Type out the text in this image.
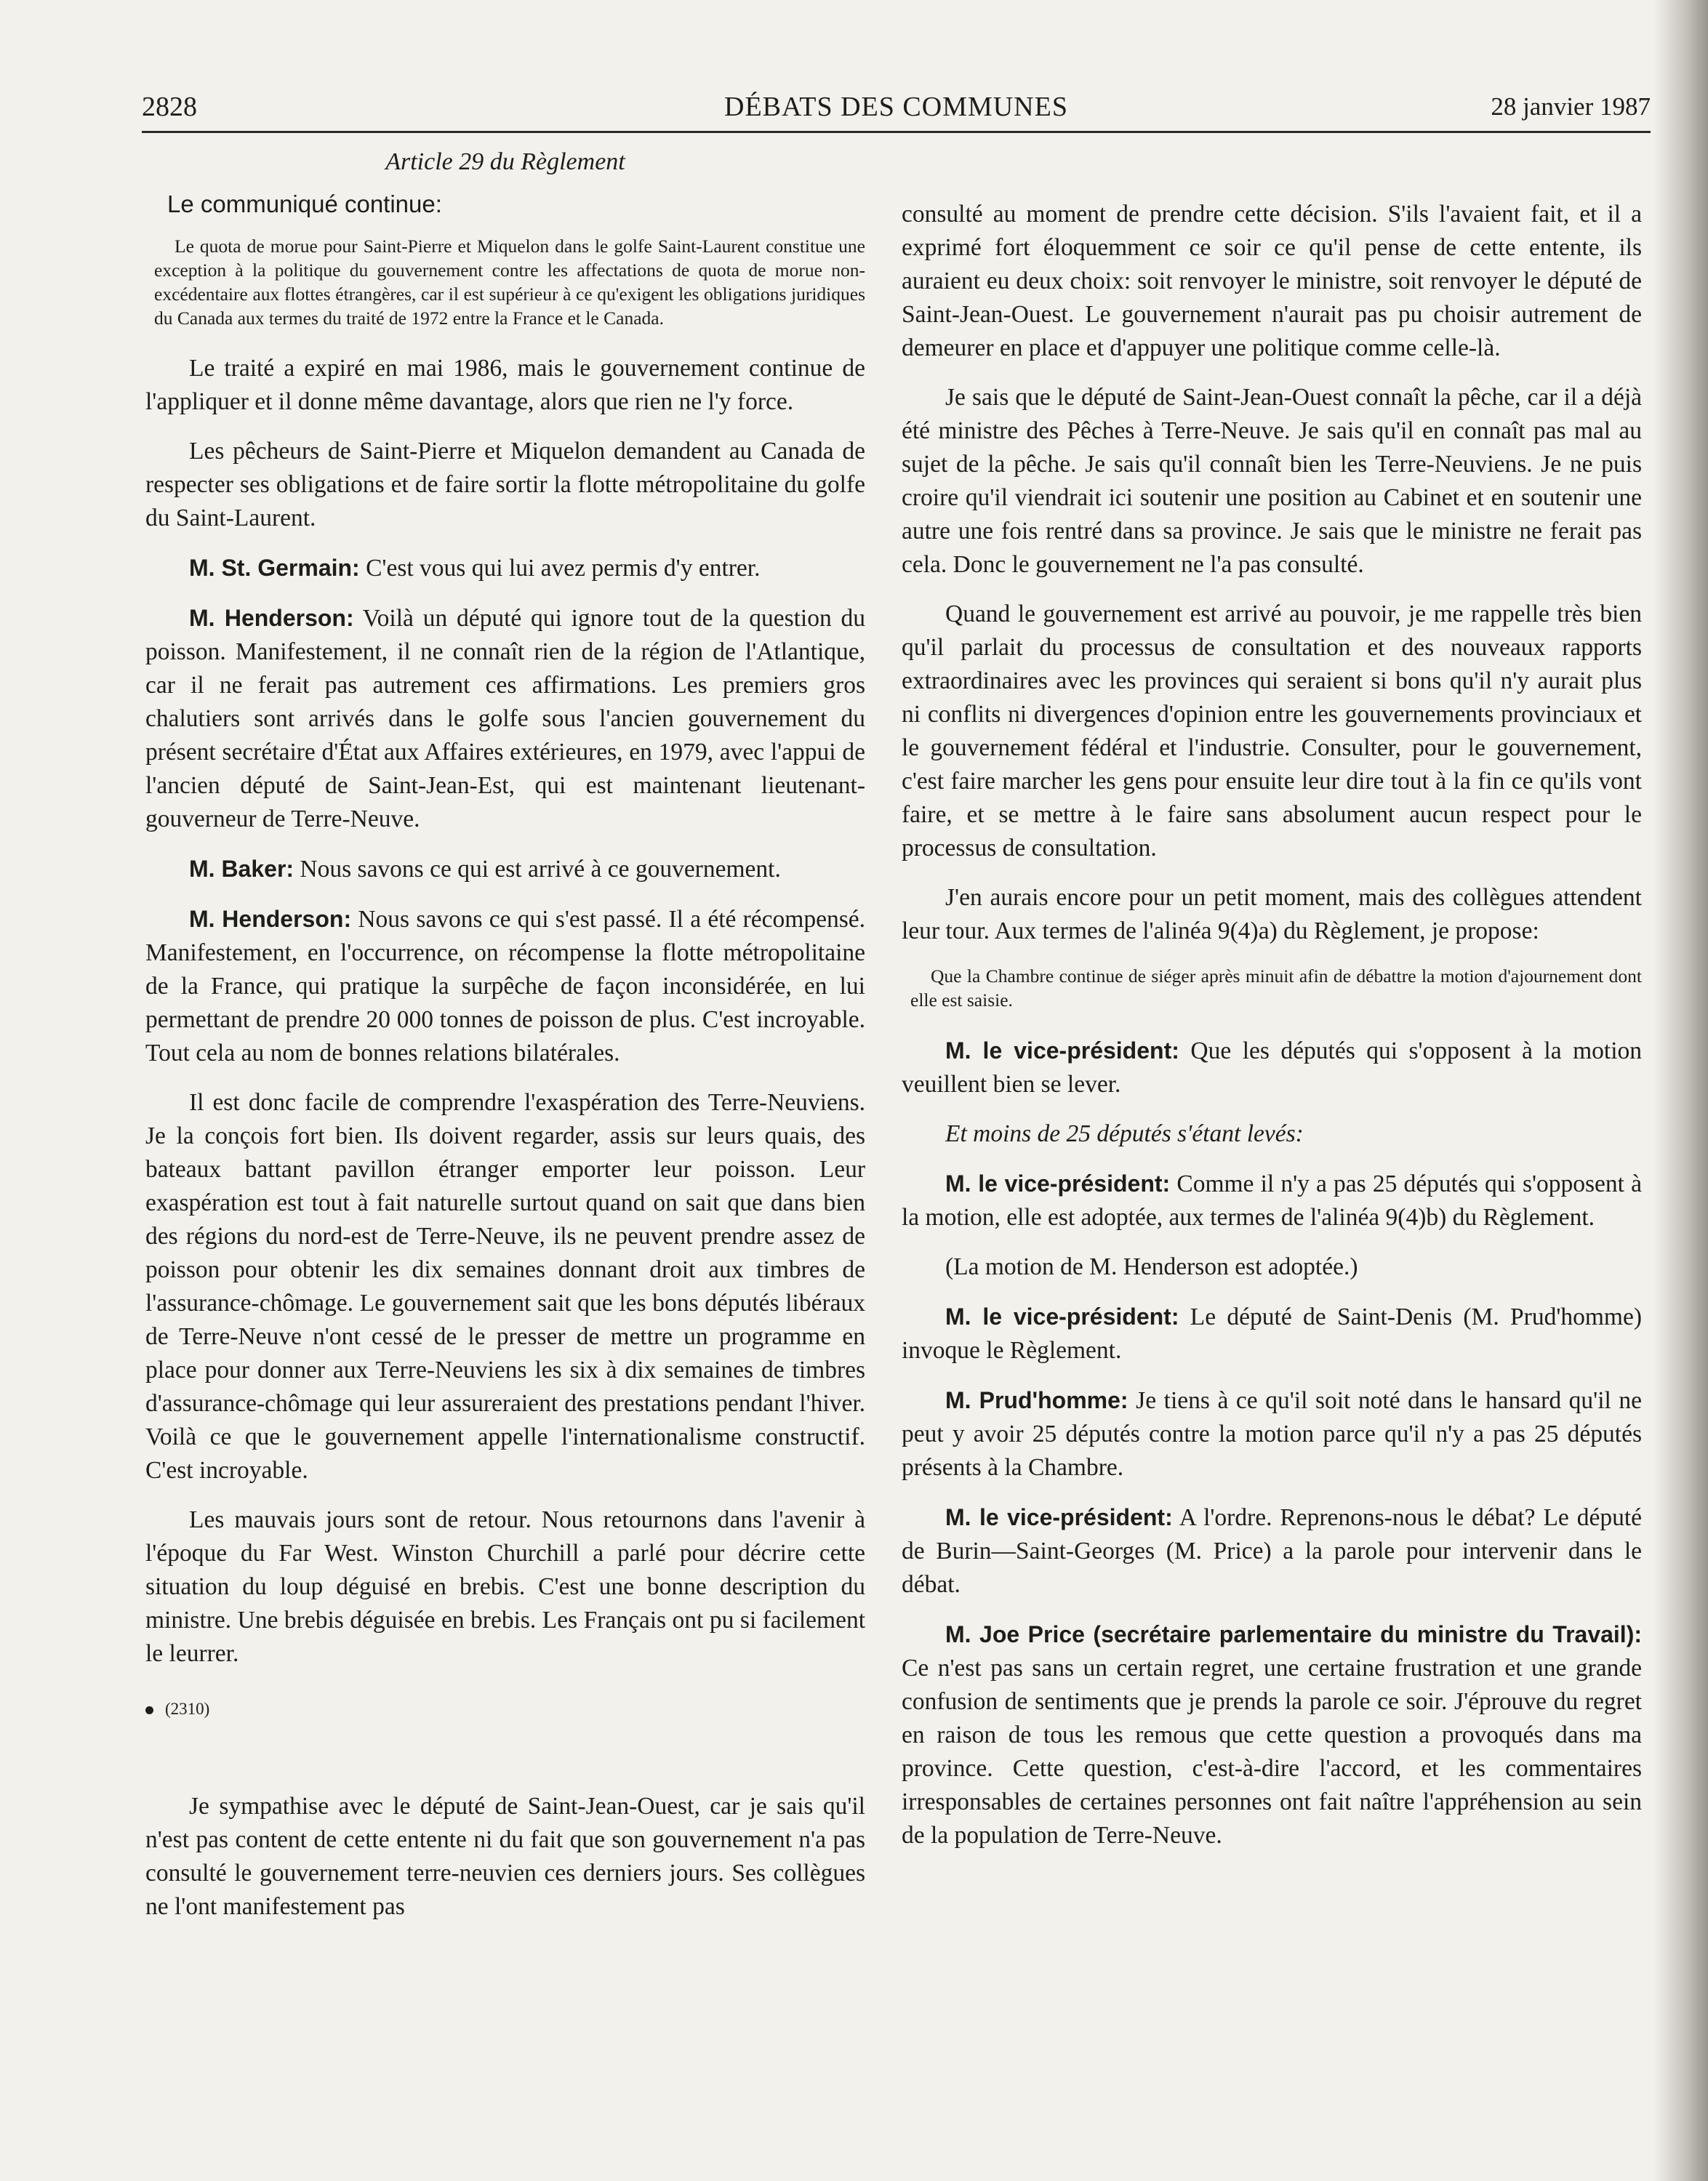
2828	DÉBATS DES COMMUNES	28 janvier 1987

Article 29 du Règlement

Le communiqué continue:

Le quota de morue pour Saint-Pierre et Miquelon dans le golfe Saint-Laurent constitue une exception à la politique du gouvernement contre les affectations de quota de morue non-excédentaire aux flottes étrangères, car il est supérieur à ce qu'exigent les obligations juridiques du Canada aux termes du traité de 1972 entre la France et le Canada.

Le traité a expiré en mai 1986, mais le gouvernement continue de l'appliquer et il donne même davantage, alors que rien ne l'y force.

Les pêcheurs de Saint-Pierre et Miquelon demandent au Canada de respecter ses obligations et de faire sortir la flotte métropolitaine du golfe du Saint-Laurent.

M. St. Germain: C'est vous qui lui avez permis d'y entrer.

M. Henderson: Voilà un député qui ignore tout de la question du poisson. Manifestement, il ne connaît rien de la région de l'Atlantique, car il ne ferait pas autrement ces affirmations. Les premiers gros chalutiers sont arrivés dans le golfe sous l'ancien gouvernement du présent secrétaire d'État aux Affaires extérieures, en 1979, avec l'appui de l'ancien député de Saint-Jean-Est, qui est maintenant lieutenant-gouverneur de Terre-Neuve.

M. Baker: Nous savons ce qui est arrivé à ce gouvernement.

M. Henderson: Nous savons ce qui s'est passé. Il a été récompensé. Manifestement, en l'occurrence, on récompense la flotte métropolitaine de la France, qui pratique la surpêche de façon inconsidérée, en lui permettant de prendre 20 000 tonnes de poisson de plus. C'est incroyable. Tout cela au nom de bonnes relations bilatérales.

Il est donc facile de comprendre l'exaspération des Terre-Neuviens. Je la conçois fort bien. Ils doivent regarder, assis sur leurs quais, des bateaux battant pavillon étranger emporter leur poisson. Leur exaspération est tout à fait naturelle surtout quand on sait que dans bien des régions du nord-est de Terre-Neuve, ils ne peuvent prendre assez de poisson pour obtenir les dix semaines donnant droit aux timbres de l'assurance-chômage. Le gouvernement sait que les bons députés libéraux de Terre-Neuve n'ont cessé de le presser de mettre un programme en place pour donner aux Terre-Neuviens les six à dix semaines de timbres d'assurance-chômage qui leur assureraient des prestations pendant l'hiver. Voilà ce que le gouvernement appelle l'internationalisme constructif. C'est incroyable.

Les mauvais jours sont de retour. Nous retournons dans l'avenir à l'époque du Far West. Winston Churchill a parlé pour décrire cette situation du loup déguisé en brebis. C'est une bonne description du ministre. Une brebis déguisée en brebis. Les Français ont pu si facilement le leurrer.

(2310)

Je sympathise avec le député de Saint-Jean-Ouest, car je sais qu'il n'est pas content de cette entente ni du fait que son gouvernement n'a pas consulté le gouvernement terre-neuvien ces derniers jours. Ses collègues ne l'ont manifestement pas

consulté au moment de prendre cette décision. S'ils l'avaient fait, et il a exprimé fort éloquemment ce soir ce qu'il pense de cette entente, ils auraient eu deux choix: soit renvoyer le ministre, soit renvoyer le député de Saint-Jean-Ouest. Le gouvernement n'aurait pas pu choisir autrement de demeurer en place et d'appuyer une politique comme celle-là.

Je sais que le député de Saint-Jean-Ouest connaît la pêche, car il a déjà été ministre des Pêches à Terre-Neuve. Je sais qu'il en connaît pas mal au sujet de la pêche. Je sais qu'il connaît bien les Terre-Neuviens. Je ne puis croire qu'il viendrait ici soutenir une position au Cabinet et en soutenir une autre une fois rentré dans sa province. Je sais que le ministre ne ferait pas cela. Donc le gouvernement ne l'a pas consulté.

Quand le gouvernement est arrivé au pouvoir, je me rappelle très bien qu'il parlait du processus de consultation et des nouveaux rapports extraordinaires avec les provinces qui seraient si bons qu'il n'y aurait plus ni conflits ni divergences d'opinion entre les gouvernements provinciaux et le gouvernement fédéral et l'industrie. Consulter, pour le gouvernement, c'est faire marcher les gens pour ensuite leur dire tout à la fin ce qu'ils vont faire, et se mettre à le faire sans absolument aucun respect pour le processus de consultation.

J'en aurais encore pour un petit moment, mais des collègues attendent leur tour. Aux termes de l'alinéa 9(4)a) du Règlement, je propose:

Que la Chambre continue de siéger après minuit afin de débattre la motion d'ajournement dont elle est saisie.

M. le vice-président: Que les députés qui s'opposent à la motion veuillent bien se lever.

Et moins de 25 députés s'étant levés:

M. le vice-président: Comme il n'y a pas 25 députés qui s'opposent à la motion, elle est adoptée, aux termes de l'alinéa 9(4)b) du Règlement.

(La motion de M. Henderson est adoptée.)

M. le vice-président: Le député de Saint-Denis (M. Prud'homme) invoque le Règlement.

M. Prud'homme: Je tiens à ce qu'il soit noté dans le hansard qu'il ne peut y avoir 25 députés contre la motion parce qu'il n'y a pas 25 députés présents à la Chambre.

M. le vice-président: A l'ordre. Reprenons-nous le débat? Le député de Burin—Saint-Georges (M. Price) a la parole pour intervenir dans le débat.

M. Joe Price (secrétaire parlementaire du ministre du Travail): Ce n'est pas sans un certain regret, une certaine frustration et une grande confusion de sentiments que je prends la parole ce soir. J'éprouve du regret en raison de tous les remous que cette question a provoqués dans ma province. Cette question, c'est-à-dire l'accord, et les commentaires irresponsables de certaines personnes ont fait naître l'appréhension au sein de la population de Terre-Neuve.
